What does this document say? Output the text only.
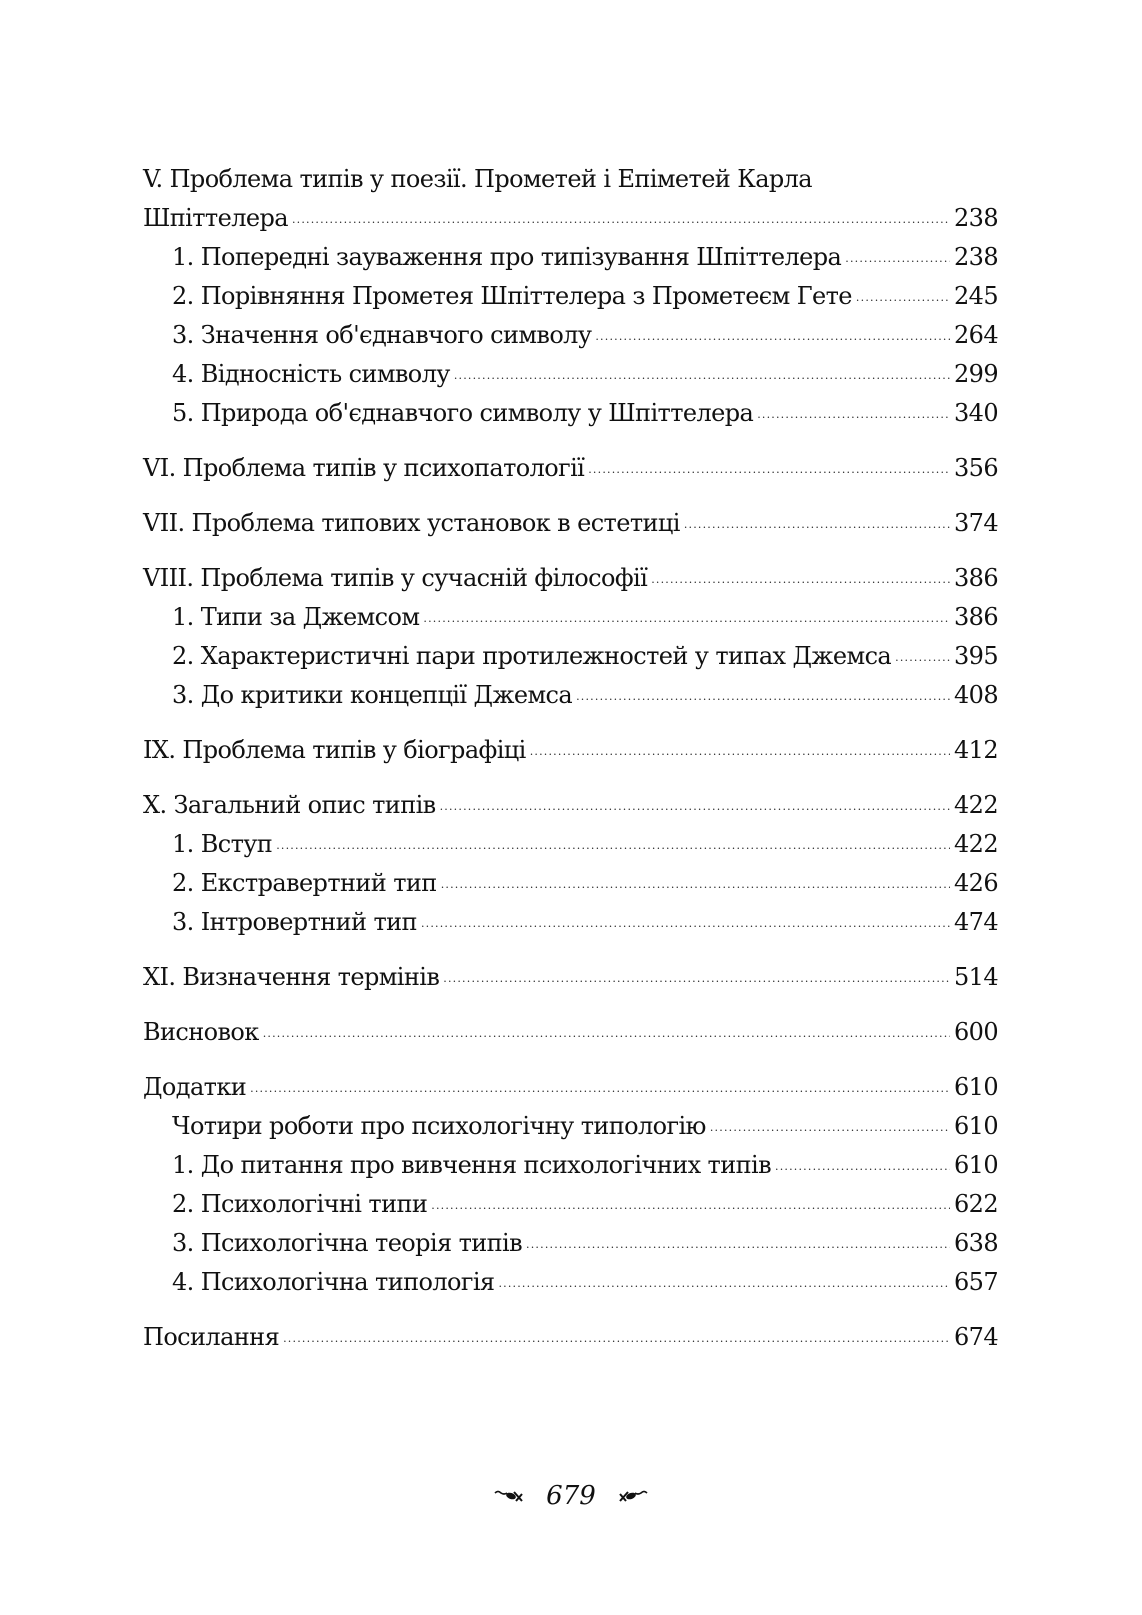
V. Проблема типів у поезії. Прометей і Епіметей Карла
Шпіттелера .....	238
1. Попередні зауваження про типізування Шпіттелера .....	238
2. Порівняння Прометея Шпіттелера з Прометеєм Гете .....	245
3. Значення об'єднавчого символу .....	264
4. Відносність символу .....	299
5. Природа об'єднавчого символу у Шпіттелера .....	340
VI. Проблема типів у психопатології .....	356
VII. Проблема типових установок в естетиці .....	374
VIII. Проблема типів у сучасній філософії .....	386
1. Типи за Джемсом .....	386
2. Характеристичні пари протилежностей у типах Джемса .....	395
3. До критики концепції Джемса .....	408
IX. Проблема типів у біографіці .....	412
X. Загальний опис типів .....	422
1. Вступ .....	422
2. Екстравертний тип .....	426
3. Інтровертний тип .....	474
XI. Визначення термінів .....	514
Висновок .....	600
Додатки .....	610
Чотири роботи про психологічну типологію .....	610
1. До питання про вивчення психологічних типів .....	610
2. Психологічні типи .....	622
3. Психологічна теорія типів .....	638
4. Психологічна типологія .....	657
Посилання .....	674
679
